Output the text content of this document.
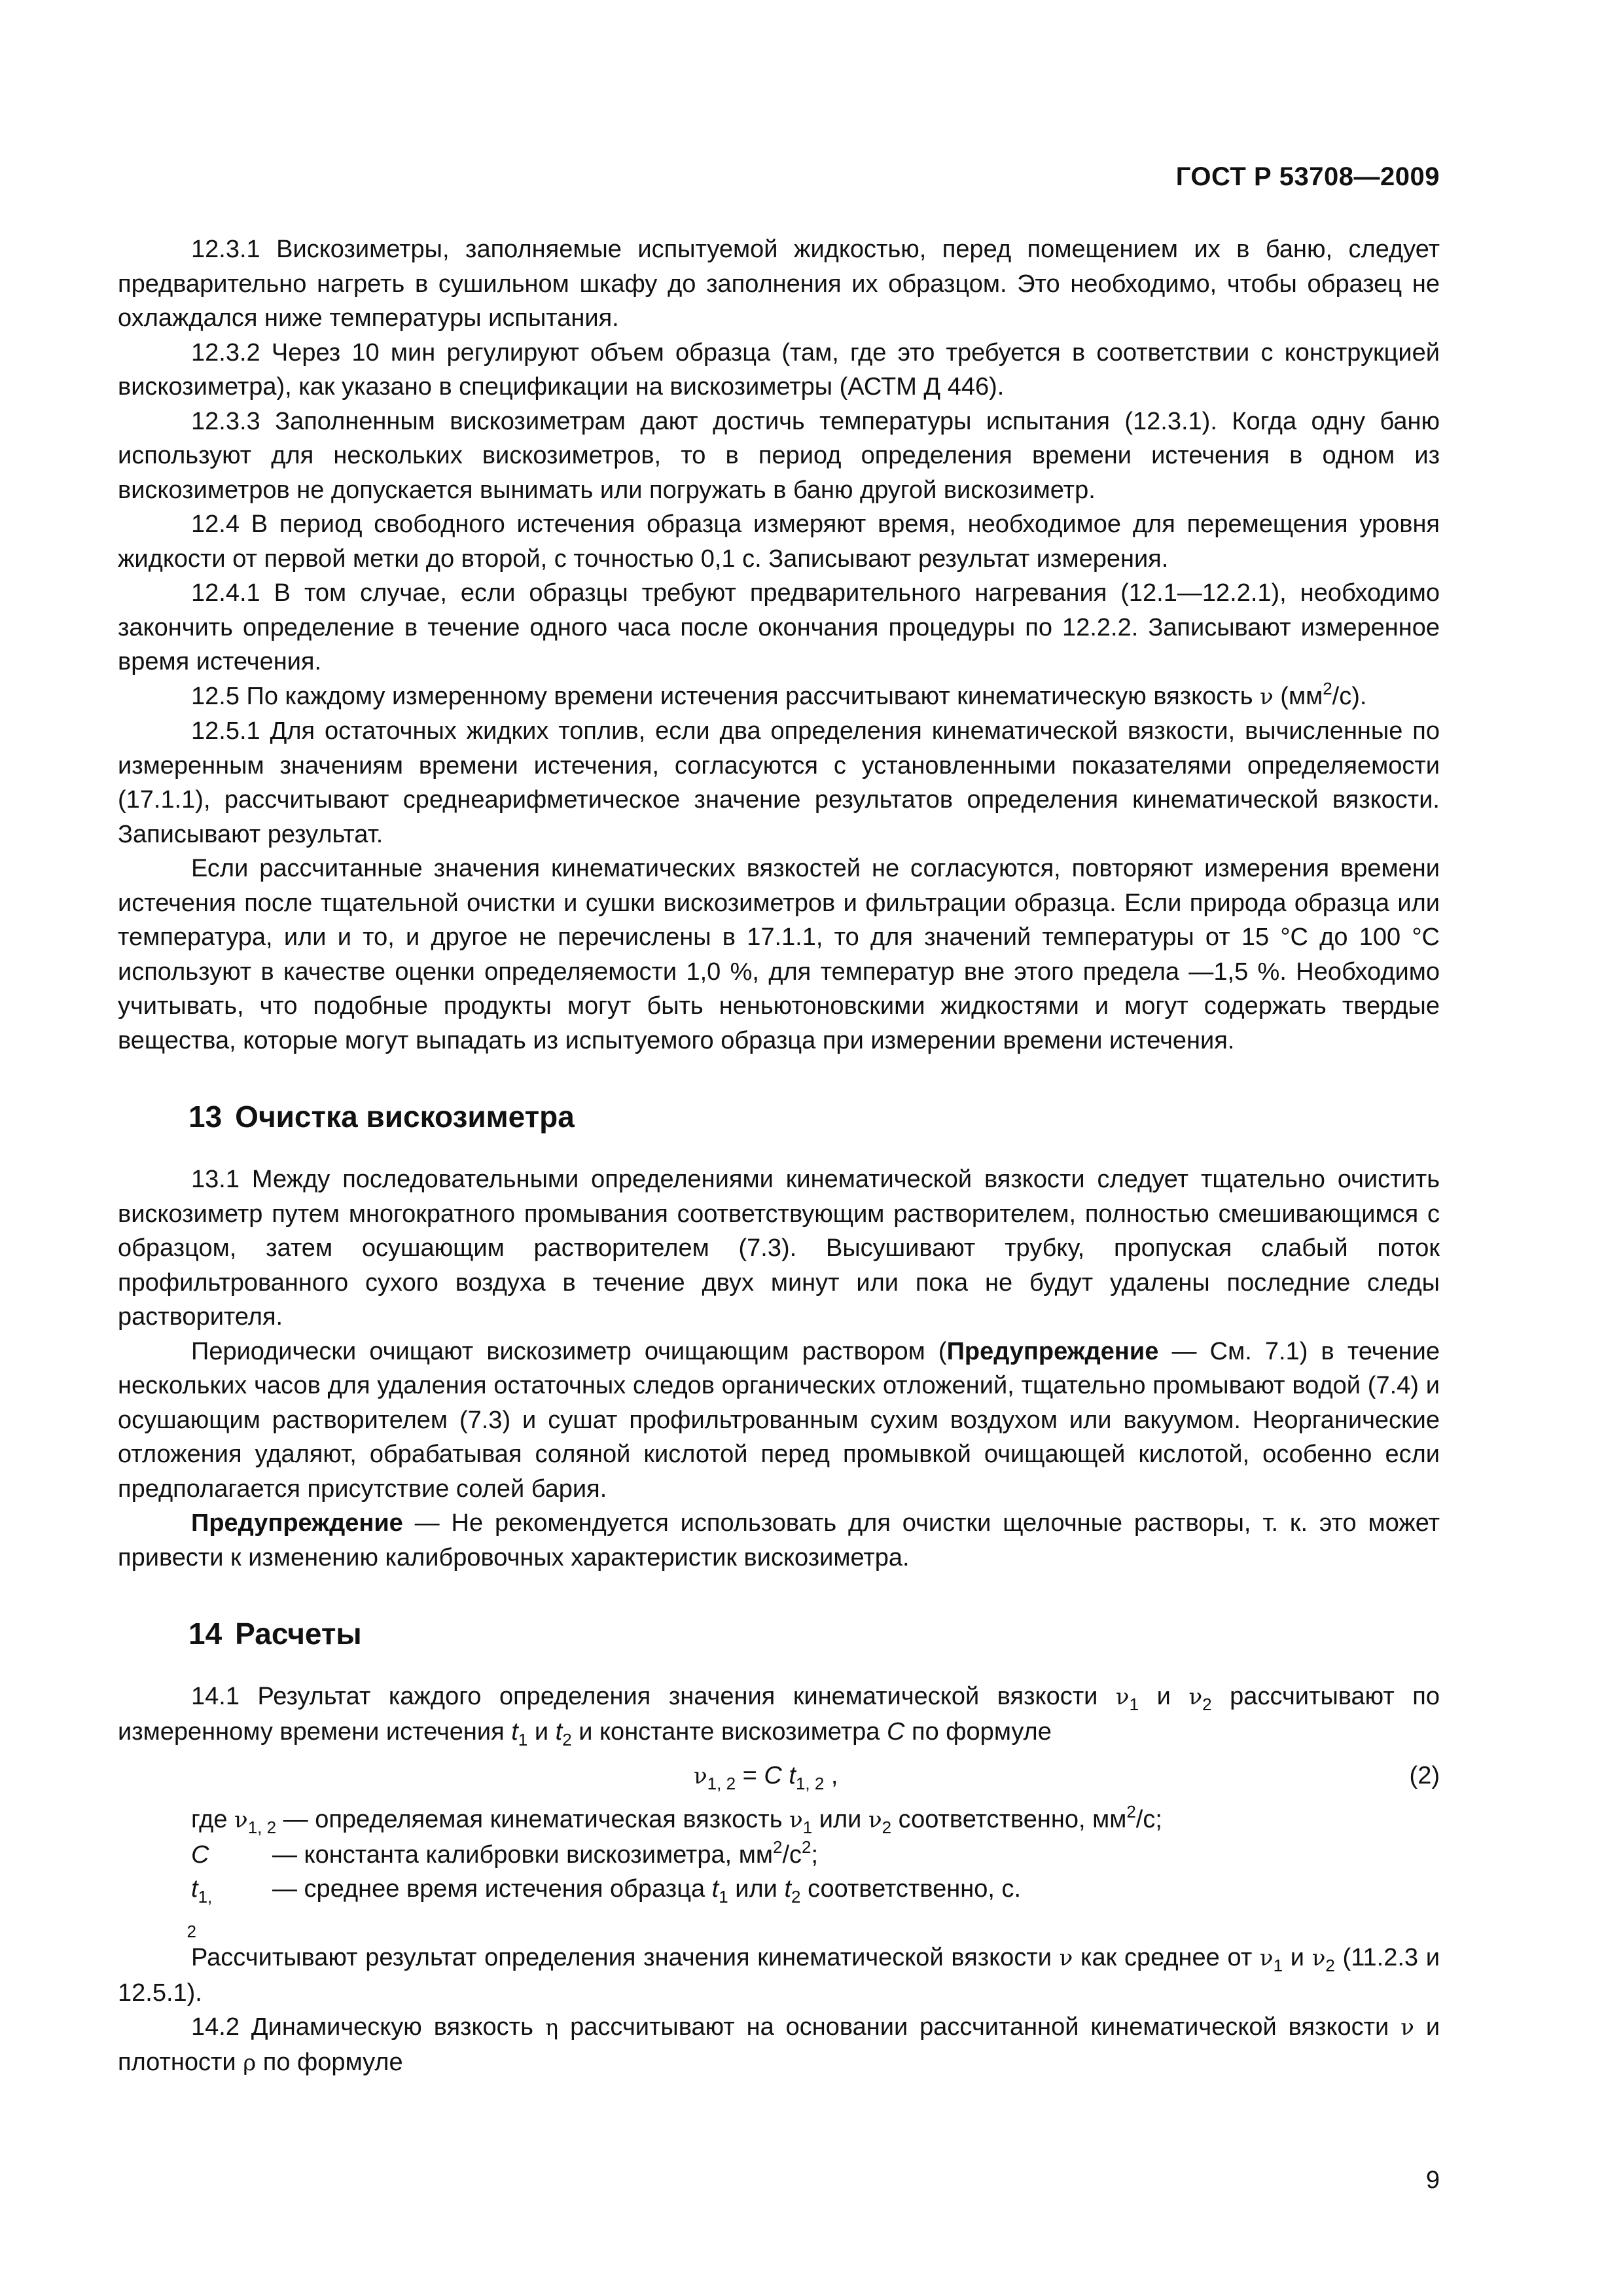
ГОСТ Р 53708—2009

12.3.1 Вискозиметры, заполняемые испытуемой жидкостью, перед помещением их в баню, следует предварительно нагреть в сушильном шкафу до заполнения их образцом. Это необходимо, чтобы образец не охлаждался ниже температуры испытания.

12.3.2 Через 10 мин регулируют объем образца (там, где это требуется в соответствии с конструкцией вискозиметра), как указано в спецификации на вискозиметры (АСТМ Д 446).

12.3.3 Заполненным вискозиметрам дают достичь температуры испытания (12.3.1). Когда одну баню используют для нескольких вискозиметров, то в период определения времени истечения в одном из вискозиметров не допускается вынимать или погружать в баню другой вискозиметр.

12.4 В период свободного истечения образца измеряют время, необходимое для перемещения уровня жидкости от первой метки до второй, с точностью 0,1 с. Записывают результат измерения.

12.4.1 В том случае, если образцы требуют предварительного нагревания (12.1—12.2.1), необходимо закончить определение в течение одного часа после окончания процедуры по 12.2.2. Записывают измеренное время истечения.

12.5 По каждому измеренному времени истечения рассчитывают кинематическую вязкость ν $(мм^2/с)$.

12.5.1 Для остаточных жидких топлив, если два определения кинематической вязкости, вычисленные по измеренным значениям времени истечения, согласуются с установленными показателями определяемости (17.1.1), рассчитывают среднеарифметическое значение результатов определения кинематической вязкости. Записывают результат.

Если рассчитанные значения кинематических вязкостей не согласуются, повторяют измерения времени истечения после тщательной очистки и сушки вискозиметров и фильтрации образца. Если природа образца или температура, или и то, и другое не перечислены в 17.1.1, то для значений температуры от 15 °С до 100 °С используют в качестве оценки определяемости 1,0 %, для температур вне этого предела —1,5 %. Необходимо учитывать, что подобные продукты могут быть неньютоновскими жидкостями и могут содержать твердые вещества, которые могут выпадать из испытуемого образца при измерении времени истечения.

13 Очистка вискозиметра

13.1 Между последовательными определениями кинематической вязкости следует тщательно очистить вискозиметр путем многократного промывания соответствующим растворителем, полностью смешивающимся с образцом, затем осушающим растворителем (7.3). Высушивают трубку, пропуская слабый поток профильтрованного сухого воздуха в течение двух минут или пока не будут удалены последние следы растворителя.

Периодически очищают вискозиметр очищающим раствором (Предупреждение — См. 7.1) в течение нескольких часов для удаления остаточных следов органических отложений, тщательно промывают водой (7.4) и осушающим растворителем (7.3) и сушат профильтрованным сухим воздухом или вакуумом. Неорганические отложения удаляют, обрабатывая соляной кислотой перед промывкой очищающей кислотой, особенно если предполагается присутствие солей бария.

Предупреждение — Не рекомендуется использовать для очистки щелочные растворы, т. к. это может привести к изменению калибровочных характеристик вискозиметра.

14 Расчеты

14.1 Результат каждого определения значения кинематической вязкости $\nu_1$ и $\nu_2$ рассчитывают по измеренному времени истечения $t_1$ и $t_2$ и константе вискозиметра C по формуле

$\nu_{1, 2} = C$ $t_{1, 2}$ ,	(2)

где $\nu_{1, 2}$ — определяемая кинематическая вязкость $\nu_1$ или $\nu_2$ соответственно, $мм^2/с$;

C	— константа калибровки вискозиметра, $мм^2/с^2$;

$t_{1, 2}$
— среднее время истечения образца $t_1$ или $t_2$ соответственно, с.

Рассчитывают результат определения значения кинематической вязкости ν как среднее от $\nu_1$ и $\nu_2$ (11.2.3 и 12.5.1).

14.2 Динамическую вязкость η рассчитывают на основании рассчитанной кинематической вязкости ν и плотности ρ по формуле

9
